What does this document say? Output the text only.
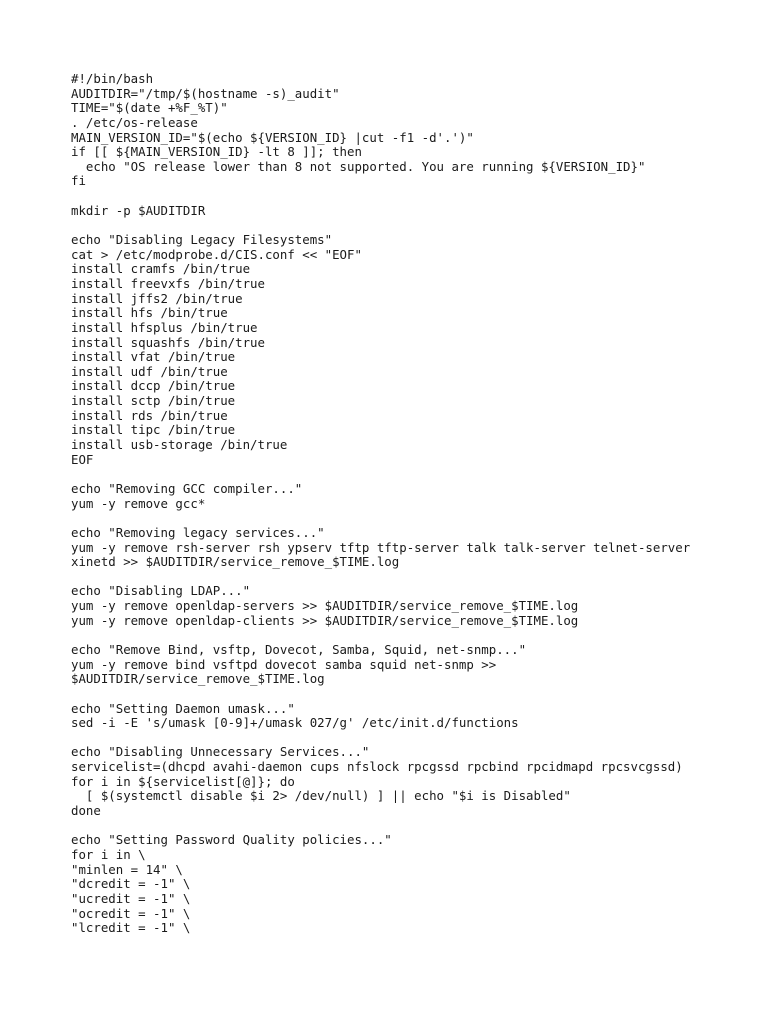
#!/bin/bash
AUDITDIR="/tmp/$(hostname -s)_audit"
TIME="$(date +%F_%T)"
. /etc/os-release
MAIN_VERSION_ID="$(echo ${VERSION_ID} |cut -f1 -d'.')"
if [[ ${MAIN_VERSION_ID} -lt 8 ]]; then
echo "OS release lower than 8 not supported. You are running ${VERSION_ID}"
fi
mkdir -p $AUDITDIR
echo "Disabling Legacy Filesystems"
cat > /etc/modprobe.d/CIS.conf << "EOF"
install cramfs /bin/true
install freevxfs /bin/true
install jffs2 /bin/true
install hfs /bin/true
install hfsplus /bin/true
install squashfs /bin/true
install vfat /bin/true
install udf /bin/true
install dccp /bin/true
install sctp /bin/true
install rds /bin/true
install tipc /bin/true
install usb-storage /bin/true
EOF
echo "Removing GCC compiler..."
yum -y remove gcc*
echo "Removing legacy services..."
yum -y remove rsh-server rsh ypserv tftp tftp-server talk talk-server telnet-server
xinetd >> $AUDITDIR/service_remove_$TIME.log
echo "Disabling LDAP..."
yum -y remove openldap-servers >> $AUDITDIR/service_remove_$TIME.log
yum -y remove openldap-clients >> $AUDITDIR/service_remove_$TIME.log
echo "Remove Bind, vsftp, Dovecot, Samba, Squid, net-snmp..."
yum -y remove bind vsftpd dovecot samba squid net-snmp >>
$AUDITDIR/service_remove_$TIME.log
echo "Setting Daemon umask..."
sed -i -E 's/umask [0-9]+/umask 027/g' /etc/init.d/functions
echo "Disabling Unnecessary Services..."
servicelist=(dhcpd avahi-daemon cups nfslock rpcgssd rpcbind rpcidmapd rpcsvcgssd)
for i in ${servicelist[@]}; do
[ $(systemctl disable $i 2> /dev/null) ] || echo "$i is Disabled"
done
echo "Setting Password Quality policies..."
for i in \
"minlen = 14" \
"dcredit = -1" \
"ucredit = -1" \
"ocredit = -1" \
"lcredit = -1" \
